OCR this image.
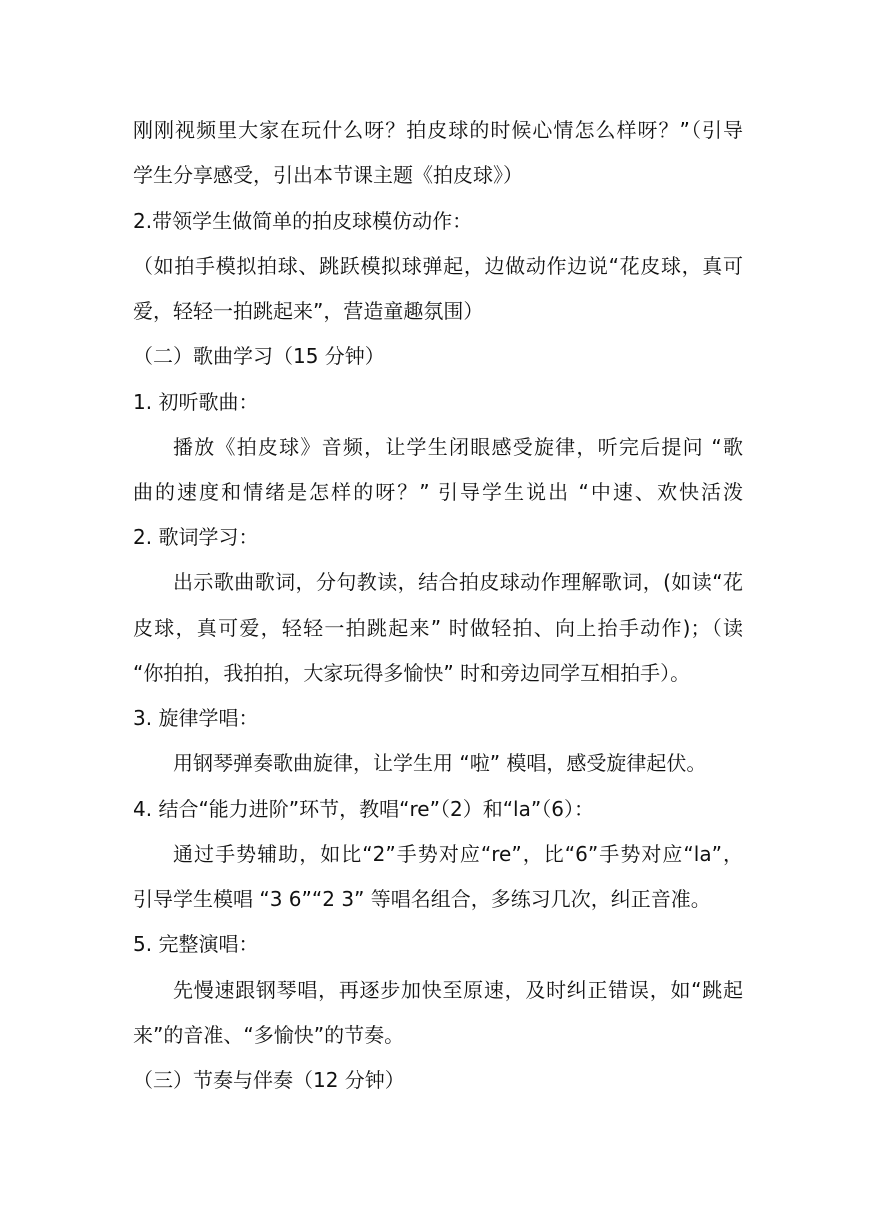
刚刚视频里大家在玩什么呀？拍皮球的时候心情怎么样呀？”（引导
学生分享感受，引出本节课主题《拍皮球》）
2.带领学生做简单的拍皮球模仿动作：
（如拍手模拟拍球、跳跃模拟球弹起，边做动作边说“花皮球，真可
爱，轻轻一拍跳起来”，营造童趣氛围）
（二）歌曲学习（15 分钟）
1. 初听歌曲：
播放《拍皮球》音频，让学生闭眼感受旋律，听完后提问 “歌
曲的速度和情绪是怎样的呀？” 引导学生说出 “中速、欢快活泼
2. 歌词学习：
出示歌曲歌词，分句教读，结合拍皮球动作理解歌词，(如读“花
皮球，真可爱，轻轻一拍跳起来” 时做轻拍、向上抬手动作)；（读
“你拍拍，我拍拍，大家玩得多愉快” 时和旁边同学互相拍手）。
3. 旋律学唱：
用钢琴弹奏歌曲旋律，让学生用 “啦” 模唱，感受旋律起伏。
4. 结合“能力进阶”环节，教唱“re”（2）和“la”（6）：
通过手势辅助，如比“2”手势对应“re”，比“6”手势对应“la”，
引导学生模唱 “3 6”“2 3” 等唱名组合，多练习几次，纠正音准。
5. 完整演唱：
先慢速跟钢琴唱，再逐步加快至原速，及时纠正错误，如“跳起
来”的音准、“多愉快”的节奏。
（三）节奏与伴奏（12 分钟）
